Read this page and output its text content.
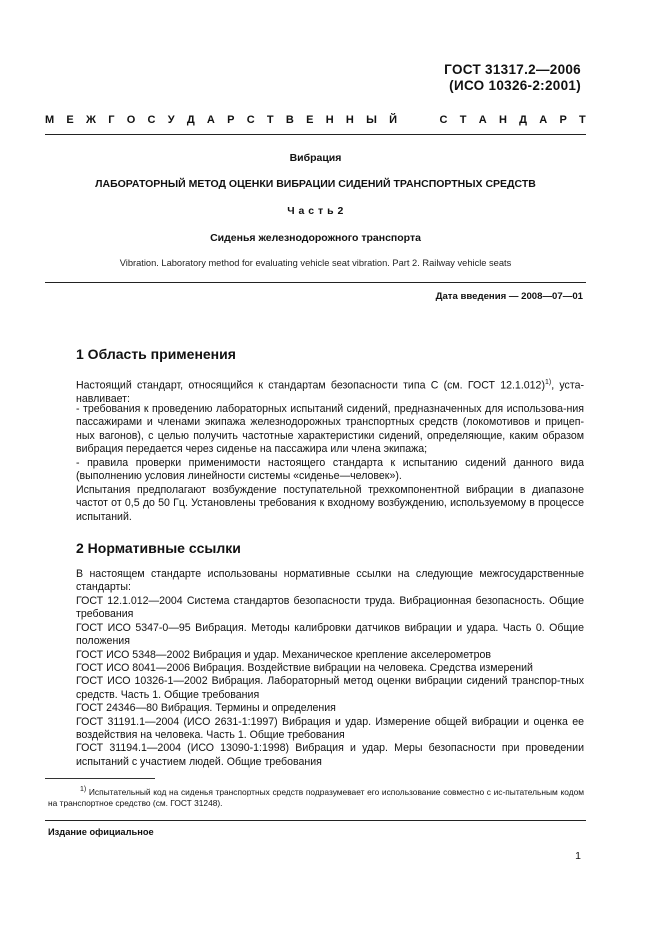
ГОСТ 31317.2—2006
(ИСО 10326-2:2001)
М Е Ж Г О С У Д А Р С Т В Е Н Н Ы Й	С Т А Н Д А Р Т
Вибрация
ЛАБОРАТОРНЫЙ МЕТОД ОЦЕНКИ ВИБРАЦИИ СИДЕНИЙ ТРАНСПОРТНЫХ СРЕДСТВ
Ч а с т ь 2
Сиденья железнодорожного транспорта
Vibration. Laboratory method for evaluating vehicle seat vibration. Part 2. Railway vehicle seats
Дата введения — 2008—07—01
1 Область применения

Настоящий стандарт, относящийся к стандартам безопасности типа С (см. ГОСТ 12.1.012)$^{1)}$, уста-навливает:

- требования к проведению лабораторных испытаний сидений, предназначенных для использова-ния пассажирами и членами экипажа железнодорожных транспортных средств (локомотивов и прицеп-ных вагонов), с целью получить частотные характеристики сидений, определяющие, каким образом вибрация передается через сиденье на пассажира или члена экипажа;

- правила проверки применимости настоящего стандарта к испытанию сидений данного вида (выполнению условия линейности системы «сиденье—человек»).

Испытания предполагают возбуждение поступательной трехкомпонентной вибрации в диапазоне частот от 0,5 до 50 Гц. Установлены требования к входному возбуждению, используемому в процессе испытаний.

2 Нормативные ссылки

В настоящем стандарте использованы нормативные ссылки на следующие межгосударственные стандарты:

ГОСТ 12.1.012—2004 Система стандартов безопасности труда. Вибрационная безопасность. Общие требования

ГОСТ ИСО 5347-0—95 Вибрация. Методы калибровки датчиков вибрации и удара. Часть 0. Общие положения

ГОСТ ИСО 5348—2002 Вибрация и удар. Механическое крепление акселерометров

ГОСТ ИСО 8041—2006 Вибрация. Воздействие вибрации на человека. Средства измерений

ГОСТ ИСО 10326-1—2002 Вибрация. Лабораторный метод оценки вибрации сидений транспор-тных средств. Часть 1. Общие требования

ГОСТ 24346—80 Вибрация. Термины и определения

ГОСТ 31191.1—2004 (ИСО 2631-1:1997) Вибрация и удар. Измерение общей вибрации и оценка ее воздействия на человека. Часть 1. Общие требования

ГОСТ 31194.1—2004 (ИСО 13090-1:1998) Вибрация и удар. Меры безопасности при проведении испытаний с участием людей. Общие требования

$^{1)}$ Испытательный код на сиденья транспортных средств подразумевает его использование совместно с ис-пытательным кодом на транспортное средство (см. ГОСТ 31248).

Издание официальное
1
